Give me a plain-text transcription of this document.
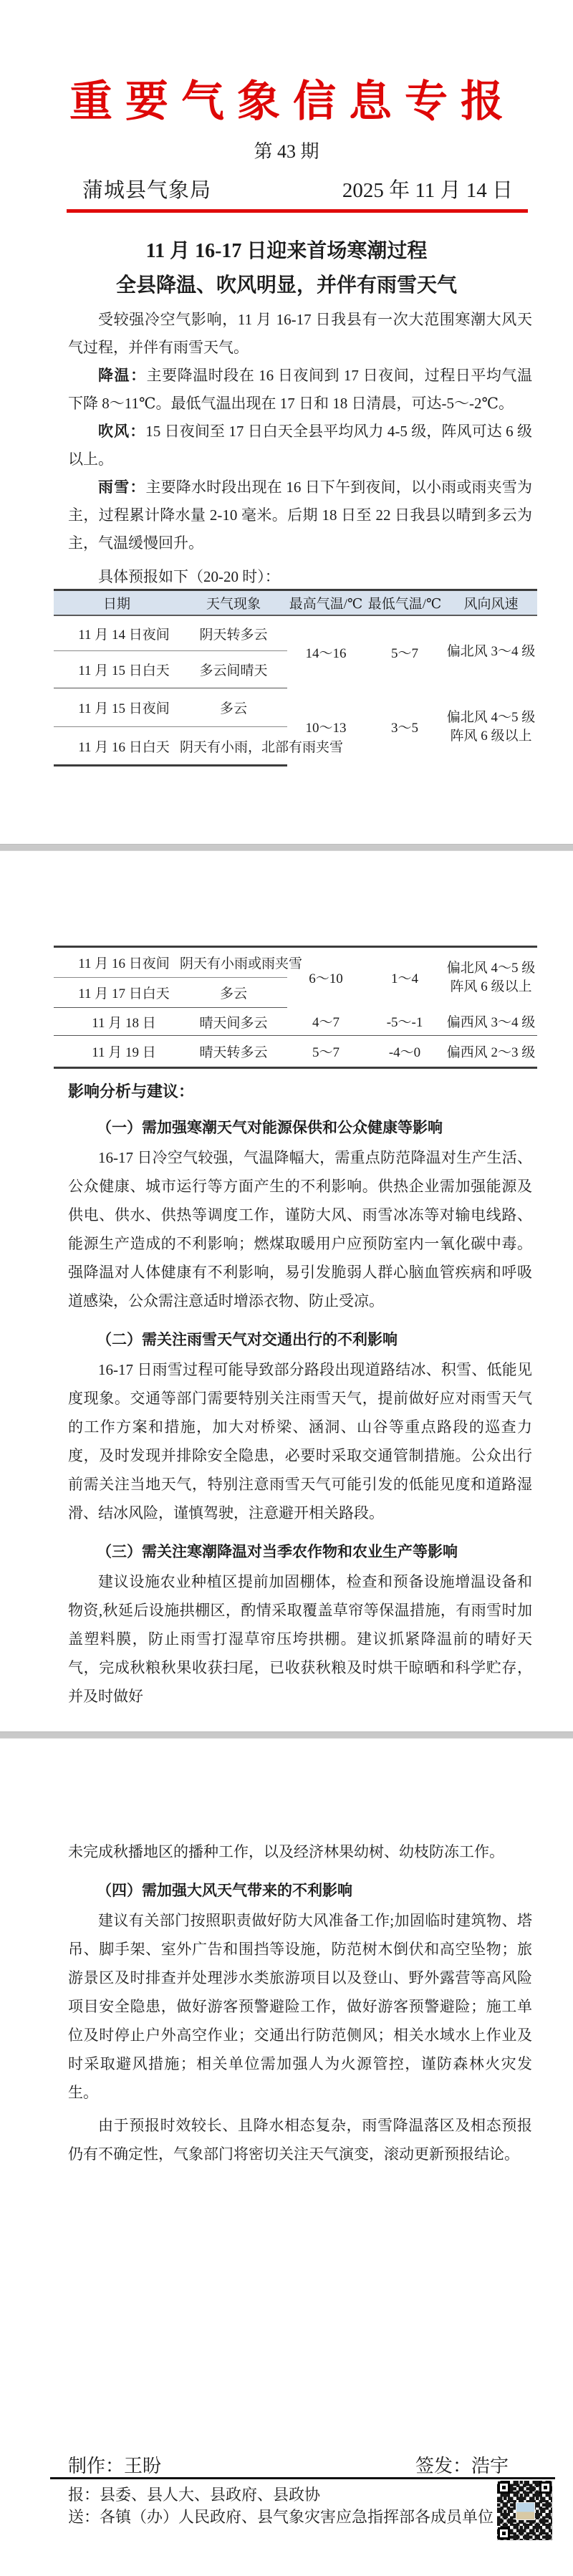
重要气象信息专报
第 43 期
蒲城县气象局	2025 年 11 月 14 日
11 月 16-17 日迎来首场寒潮过程
全县降温、吹风明显，并伴有雨雪天气

受较强冷空气影响，11 月 16-17 日我县有一次大范围寒潮大风天气过程，并伴有雨雪天气。

降温：主要降温时段在 16 日夜间到 17 日夜间，过程日平均气温下降 8～11℃。最低气温出现在 17 日和 18 日清晨，可达-5～-2℃。

吹风：15 日夜间至 17 日白天全县平均风力 4-5 级，阵风可达 6 级以上。

雨雪：主要降水时段出现在 16 日下午到夜间，以小雨或雨夹雪为主，过程累计降水量 2-10 毫米。后期 18 日至 22 日我县以晴到多云为主，气温缓慢回升。

具体预报如下（20-20 时）：

日期	天气现象	最高气温/℃	最低气温/℃	风向风速

11 月 14 日夜间 阴天转多云		14～16	5～7	偏北风 3～4 级

11 月 15 日白天 多云间晴天				

11 月 15 日夜间 多云		10～13	3～5	偏北风 4～5 级
阵风 6 级以上

11 月 16 日白天 阴天有小雨，北部有雨夹雪				
11 月 16 日夜间 阴天有小雨或雨夹雪	6～10	1～4	偏北风 4～5 级
阵风 6 级以上

11 月 17 日白天 多云			

11 月 18 日 晴天间多云	4～7	-5～-1	偏西风 3～4 级

11 月 19 日 晴天转多云	5～7	-4～0	偏西风 2～3 级

影响分析与建议：

（一）需加强寒潮天气对能源保供和公众健康等影响

16-17 日冷空气较强，气温降幅大，需重点防范降温对生产生活、公众健康、城市运行等方面产生的不利影响。供热企业需加强能源及供电、供水、供热等调度工作，谨防大风、雨雪冰冻等对输电线路、能源生产造成的不利影响；燃煤取暖用户应预防室内一氧化碳中毒。强降温对人体健康有不利影响，易引发脆弱人群心脑血管疾病和呼吸道感染，公众需注意适时增添衣物、防止受凉。

（二）需关注雨雪天气对交通出行的不利影响

16-17 日雨雪过程可能导致部分路段出现道路结冰、积雪、低能见度现象。交通等部门需要特别关注雨雪天气，提前做好应对雨雪天气的工作方案和措施，加大对桥梁、涵洞、山谷等重点路段的巡查力度，及时发现并排除安全隐患，必要时采取交通管制措施。公众出行前需关注当地天气，特别注意雨雪天气可能引发的低能见度和道路湿滑、结冰风险，谨慎驾驶，注意避开相关路段。

（三）需关注寒潮降温对当季农作物和农业生产等影响

建议设施农业种植区提前加固棚体，检查和预备设施增温设备和物资,秋延后设施拱棚区，酌情采取覆盖草帘等保温措施，有雨雪时加盖塑料膜，防止雨雪打湿草帘压垮拱棚。建议抓紧降温前的晴好天气，完成秋粮秋果收获扫尾，已收获秋粮及时烘干晾晒和科学贮存，并及时做好

未完成秋播地区的播种工作，以及经济林果幼树、幼枝防冻工作。

（四）需加强大风天气带来的不利影响

建议有关部门按照职责做好防大风准备工作;加固临时建筑物、塔吊、脚手架、室外广告和围挡等设施，防范树木倒伏和高空坠物；旅游景区及时排查并处理涉水类旅游项目以及登山、野外露营等高风险项目安全隐患，做好游客预警避险工作，做好游客预警避险；施工单位及时停止户外高空作业；交通出行防范侧风；相关水域水上作业及时采取避风措施；相关单位需加强人为火源管控，谨防森林火灾发生。

由于预报时效较长、且降水相态复杂，雨雪降温落区及相态预报仍有不确定性，气象部门将密切关注天气演变，滚动更新预报结论。

制作：王盼	签发：浩宇
报：县委、县人大、县政府、县政协
送：各镇（办）人民政府、县气象灾害应急指挥部各成员单位
